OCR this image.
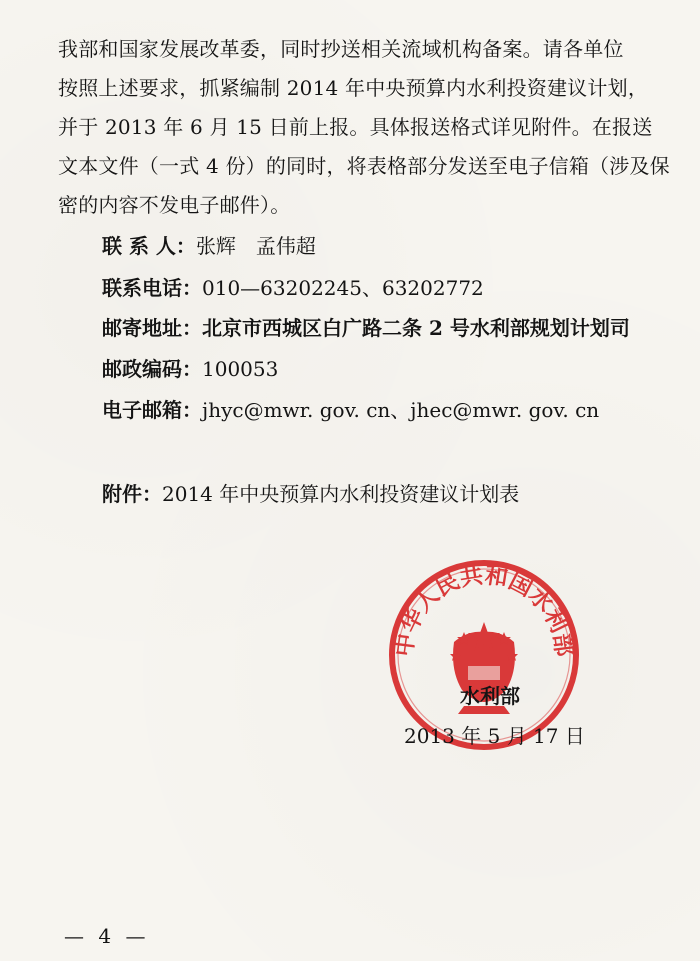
我部和国家发展改革委，同时抄送相关流域机构备案。请各单位
按照上述要求，抓紧编制 2014 年中央预算内水利投资建议计划，
并于 2013 年 6 月 15 日前上报。具体报送格式详见附件。在报送
文本文件（一式 4 份）的同时，将表格部分发送至电子信箱（涉及保
密的内容不发电子邮件）。
联 系 人：张辉　孟伟超
联系电话：010—63202245、63202772
邮寄地址：北京市西城区白广路二条 2 号水利部规划计划司
邮政编码：100053
电子邮箱：jhyc@mwr. gov. cn、jhec@mwr. gov. cn
附件：2014 年中央预算内水利投资建议计划表
中华人民共和国水利部
水利部
2013 年 5 月 17 日
— 4 —
